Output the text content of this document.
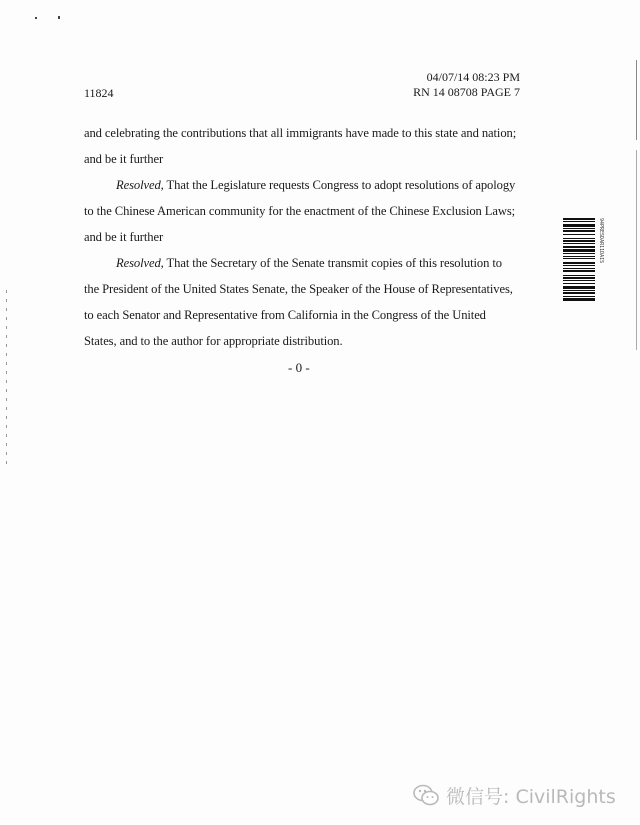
04/07/14 08:23 PM
RN 14 08708 PAGE 7
11824
and celebrating the contributions that all immigrants have made to this state and nation;
and be it further
Resolved, That the Legislature requests Congress to adopt resolutions of apology
to the Chinese American community for the enactment of the Chinese Exclusion Laws;
and be it further
Resolved, That the Secretary of the Senate transmit copies of this resolution to
the President of the United States Senate, the Speaker of the House of Representatives,
to each Senator and Representative from California in the Congress of the United
States, and to the author for appropriate distribution.
- 0 -
94PRESDAR11DAIS
微信号: CivilRights
